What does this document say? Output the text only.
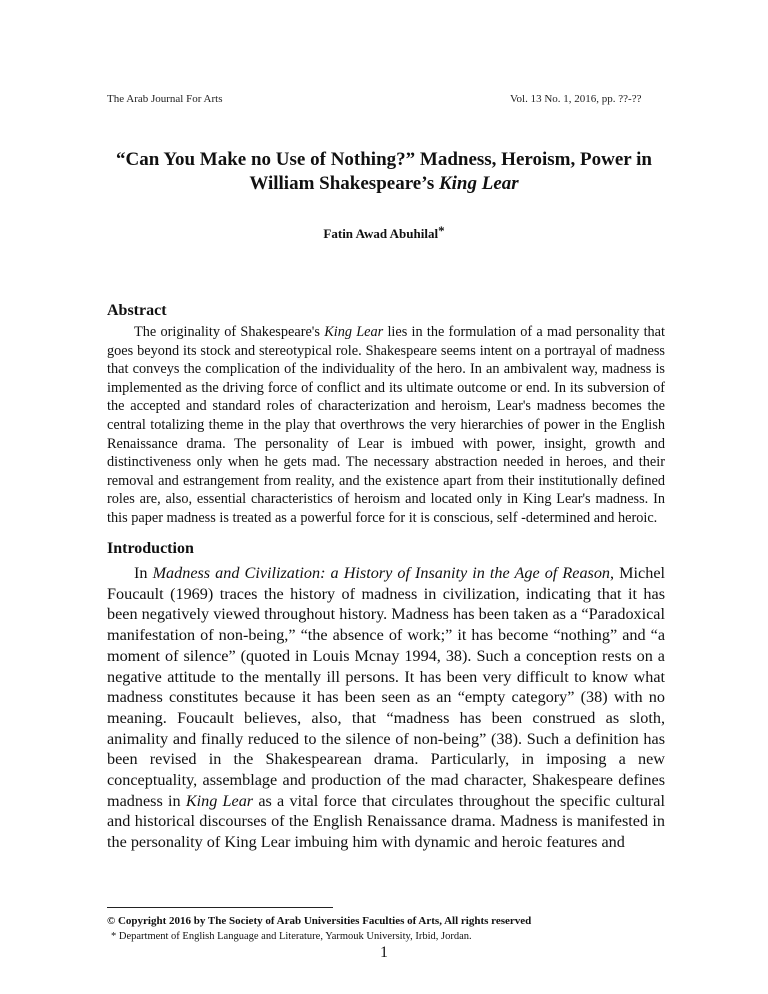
The Arab Journal For Arts	Vol. 13 No. 1, 2016, pp. ??-??
“Can You Make no Use of Nothing?” Madness, Heroism, Power in
William Shakespeare’s King Lear
Fatin Awad Abuhilal*
Abstract

The originality of Shakespeare's King Lear lies in the formulation of a mad personality that goes beyond its stock and stereotypical role. Shakespeare seems intent on a portrayal of madness that conveys the complication of the individuality of the hero. In an ambivalent way, madness is implemented as the driving force of conflict and its ultimate outcome or end. In its subversion of the accepted and standard roles of characterization and heroism, Lear's madness becomes the central totalizing theme in the play that overthrows the very hierarchies of power in the English Renaissance drama. The personality of Lear is imbued with power, insight, growth and distinctiveness only when he gets mad. The necessary abstraction needed in heroes, and their removal and estrangement from reality, and the existence apart from their institutionally defined roles are, also, essential characteristics of heroism and located only in King Lear's madness. In this paper madness is treated as a powerful force for it is conscious, self -determined and heroic.

Introduction

In Madness and Civilization: a History of Insanity in the Age of Reason, Michel Foucault (1969) traces the history of madness in civilization, indicating that it has been negatively viewed throughout history. Madness has been taken as a “Paradoxical manifestation of non-being,” “the absence of work;” it has become “nothing” and “a moment of silence” (quoted in Louis Mcnay 1994, 38). Such a conception rests on a negative attitude to the mentally ill persons. It has been very difficult to know what madness constitutes because it has been seen as an “empty category” (38) with no meaning. Foucault believes, also, that “madness has been construed as sloth, animality and finally reduced to the silence of non-being” (38). Such a definition has been revised in the Shakespearean drama. Particularly, in imposing a new conceptuality, assemblage and production of the mad character, Shakespeare defines madness in King Lear as a vital force that circulates throughout the specific cultural and historical discourses of the English Renaissance drama. Madness is manifested in the personality of King Lear imbuing him with dynamic and heroic features and

© Copyright 2016 by The Society of Arab Universities Faculties of Arts, All rights reserved
* Department of English Language and Literature, Yarmouk University, Irbid, Jordan.
1
